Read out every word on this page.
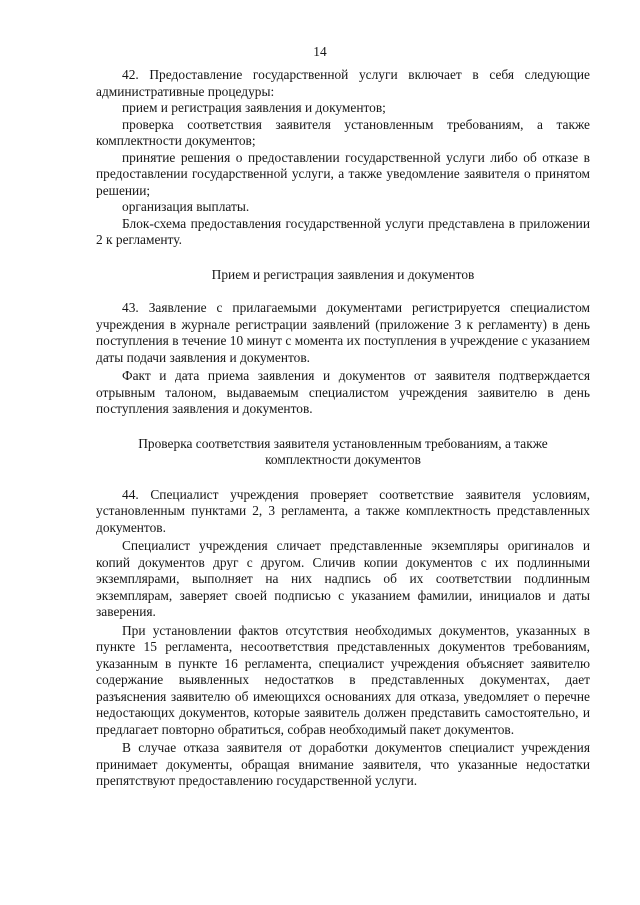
14

42. Предоставление государственной услуги включает в себя следующие административные процедуры:

прием и регистрация заявления и документов;

проверка соответствия заявителя установленным требованиям, а также комплектности документов;

принятие решения о предоставлении государственной услуги либо об отказе в предоставлении государственной услуги, а также уведомление заявителя о принятом решении;

организация выплаты.

Блок-схема предоставления государственной услуги представлена в приложении 2 к регламенту.

Прием и регистрация заявления и документов

43. Заявление с прилагаемыми документами регистрируется специалистом учреждения в журнале регистрации заявлений (приложение 3 к регламенту) в день поступления в течение 10 минут с момента их поступления в учреждение с указанием даты подачи заявления и документов.

Факт и дата приема заявления и документов от заявителя подтверждается отрывным талоном, выдаваемым специалистом учреждения заявителю в день поступления заявления и документов.

Проверка соответствия заявителя установленным требованиям, а также комплектности документов

44. Специалист учреждения проверяет соответствие заявителя условиям, установленным пунктами 2, 3 регламента, а также комплектность представленных документов.

Специалист учреждения сличает представленные экземпляры оригиналов и копий документов друг с другом. Сличив копии документов с их подлинными экземплярами, выполняет на них надпись об их соответствии подлинным экземплярам, заверяет своей подписью с указанием фамилии, инициалов и даты заверения.

При установлении фактов отсутствия необходимых документов, указанных в пункте 15 регламента, несоответствия представленных документов требованиям, указанным в пункте 16 регламента, специалист учреждения объясняет заявителю содержание выявленных недостатков в представленных документах, дает разъяснения заявителю об имеющихся основаниях для отказа, уведомляет о перечне недостающих документов, которые заявитель должен представить самостоятельно, и предлагает повторно обратиться, собрав необходимый пакет документов.

В случае отказа заявителя от доработки документов специалист учреждения принимает документы, обращая внимание заявителя, что указанные недостатки препятствуют предоставлению государственной услуги.
